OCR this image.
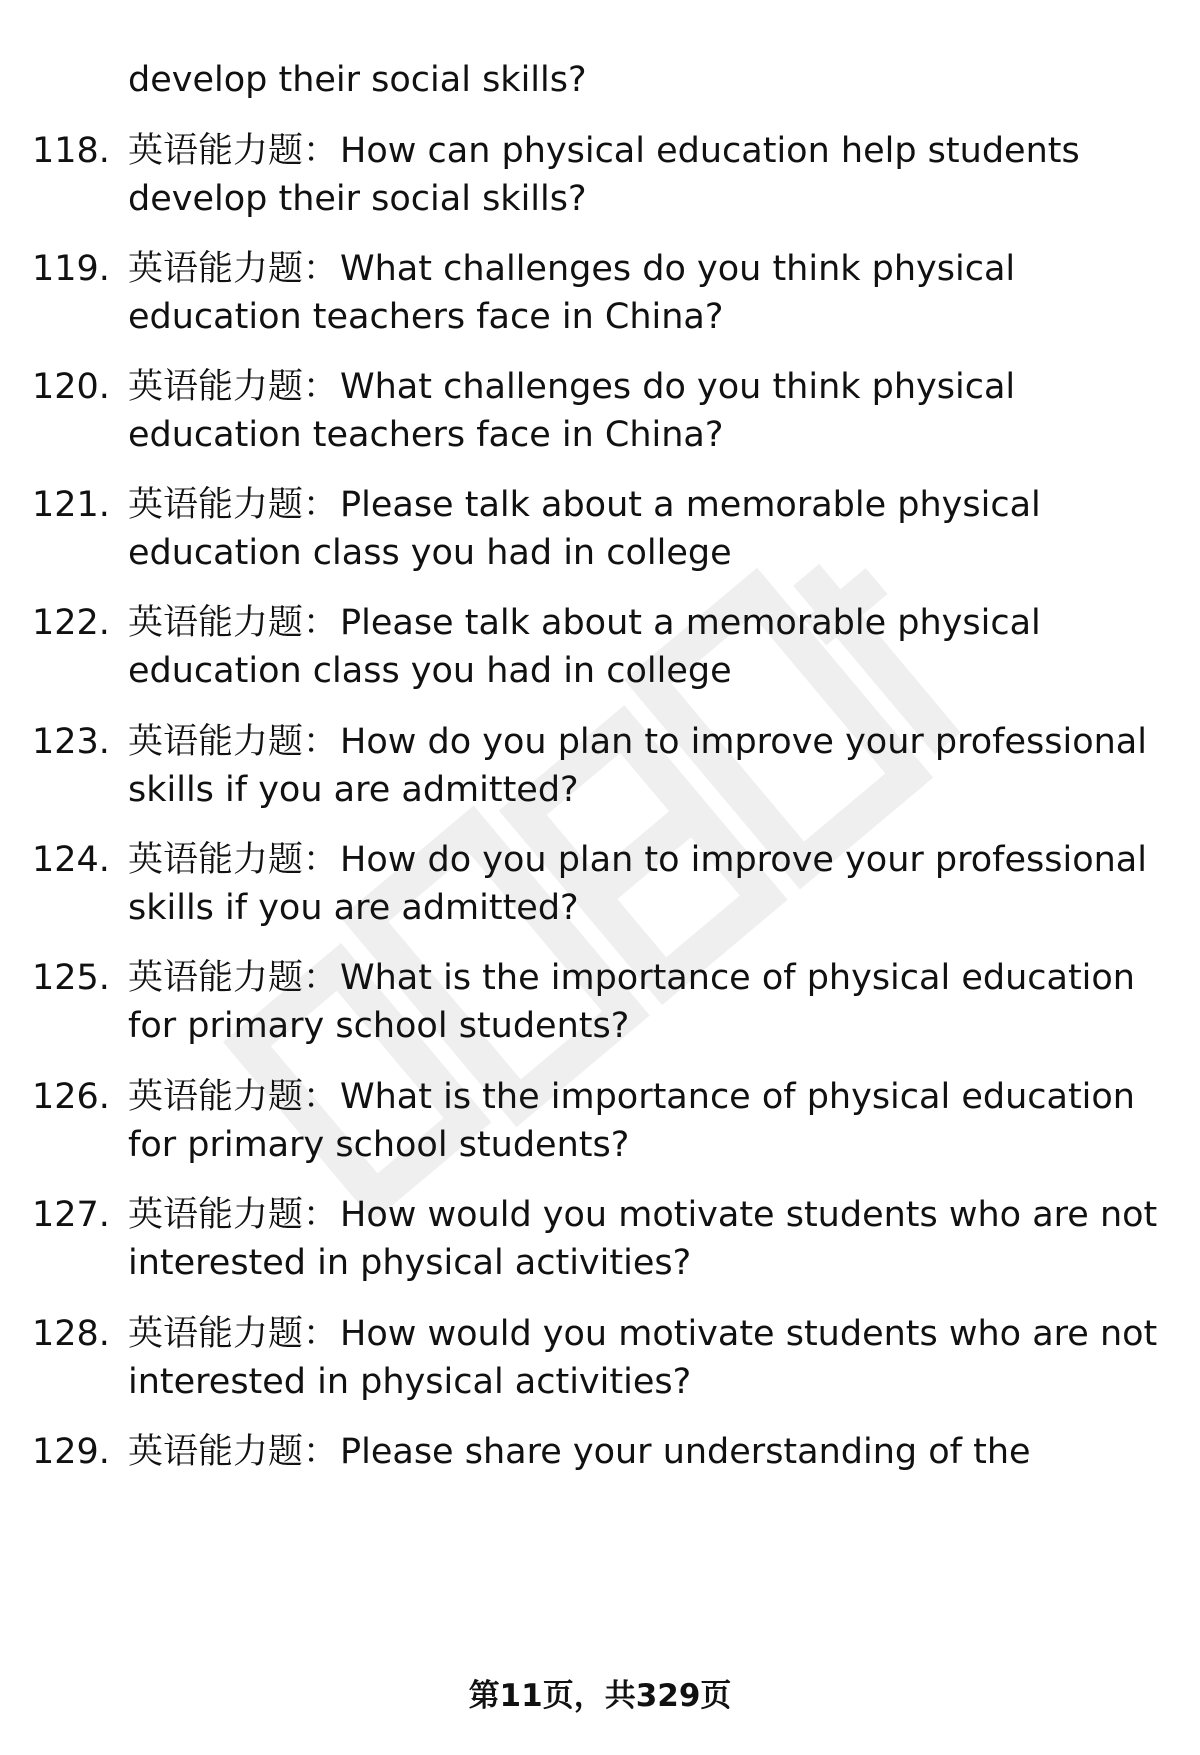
develop their social skills?
118. 英语能力题：How can physical education help students
develop their social skills?
119. 英语能力题：What challenges do you think physical
education teachers face in China?
120. 英语能力题：What challenges do you think physical
education teachers face in China?
121. 英语能力题：Please talk about a memorable physical
education class you had in college
122. 英语能力题：Please talk about a memorable physical
education class you had in college
123. 英语能力题：How do you plan to improve your professional
skills if you are admitted?
124. 英语能力题：How do you plan to improve your professional
skills if you are admitted?
125. 英语能力题：What is the importance of physical education
for primary school students?
126. 英语能力题：What is the importance of physical education
for primary school students?
127. 英语能力题：How would you motivate students who are not
interested in physical activities?
128. 英语能力题：How would you motivate students who are not
interested in physical activities?
129. 英语能力题：Please share your understanding of the
第11页，共329页
